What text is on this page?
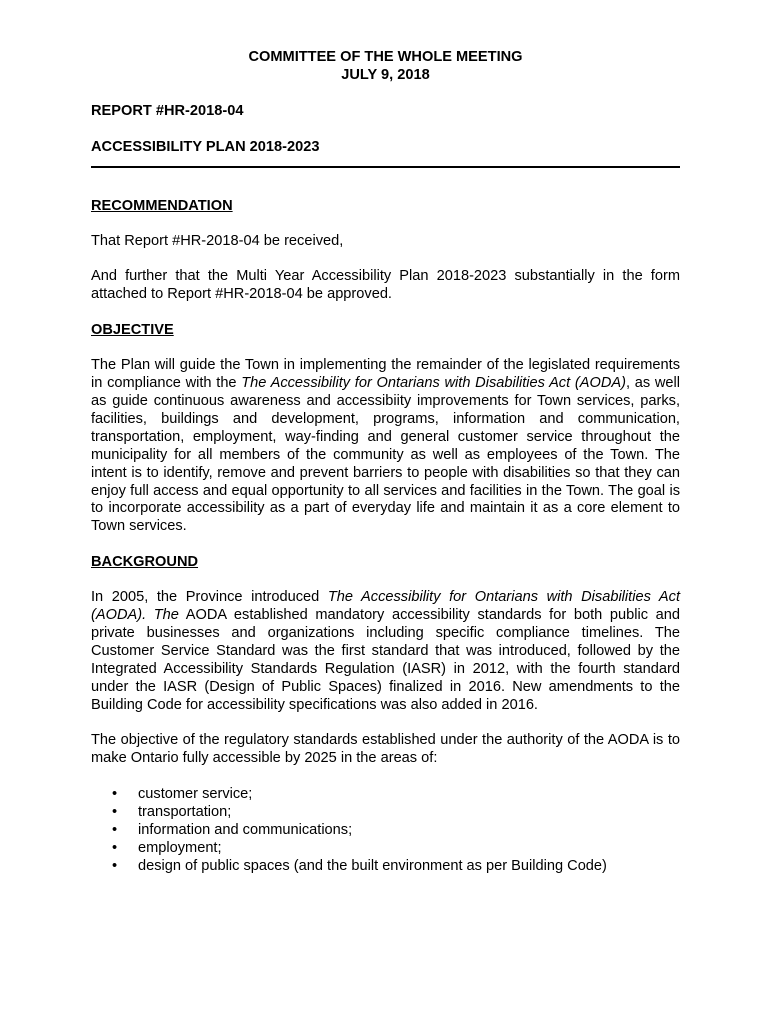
COMMITTEE OF THE WHOLE MEETING

JULY 9, 2018

REPORT #HR-2018-04

ACCESSIBILITY PLAN 2018-2023

RECOMMENDATION

That Report #HR-2018-04 be received,

And further that the Multi Year Accessibility Plan 2018-2023 substantially in the form attached to Report #HR-2018-04 be approved.

OBJECTIVE

The Plan will guide the Town in implementing the remainder of the legislated requirements in compliance with the The Accessibility for Ontarians with Disabilities Act (AODA), as well as guide continuous awareness and accessibiity improvements for Town services, parks, facilities, buildings and development, programs, information and communication, transportation, employment, way-finding and general customer service throughout the municipality for all members of the community as well as employees of the Town. The intent is to identify, remove and prevent barriers to people with disabilities so that they can enjoy full access and equal opportunity to all services and facilities in the Town. The goal is to incorporate accessibility as a part of everyday life and maintain it as a core element to Town services.

BACKGROUND

In 2005, the Province introduced The Accessibility for Ontarians with Disabilities Act (AODA). The AODA established mandatory accessibility standards for both public and private businesses and organizations including specific compliance timelines. The Customer Service Standard was the first standard that was introduced, followed by the Integrated Accessibility Standards Regulation (IASR) in 2012, with the fourth standard under the IASR (Design of Public Spaces) finalized in 2016. New amendments to the Building Code for accessibility specifications was also added in 2016.

The objective of the regulatory standards established under the authority of the AODA is to make Ontario fully accessible by 2025 in the areas of:

•	customer service;
•	transportation;
•	information and communications;
•	employment;
•	design of public spaces (and the built environment as per Building Code)
